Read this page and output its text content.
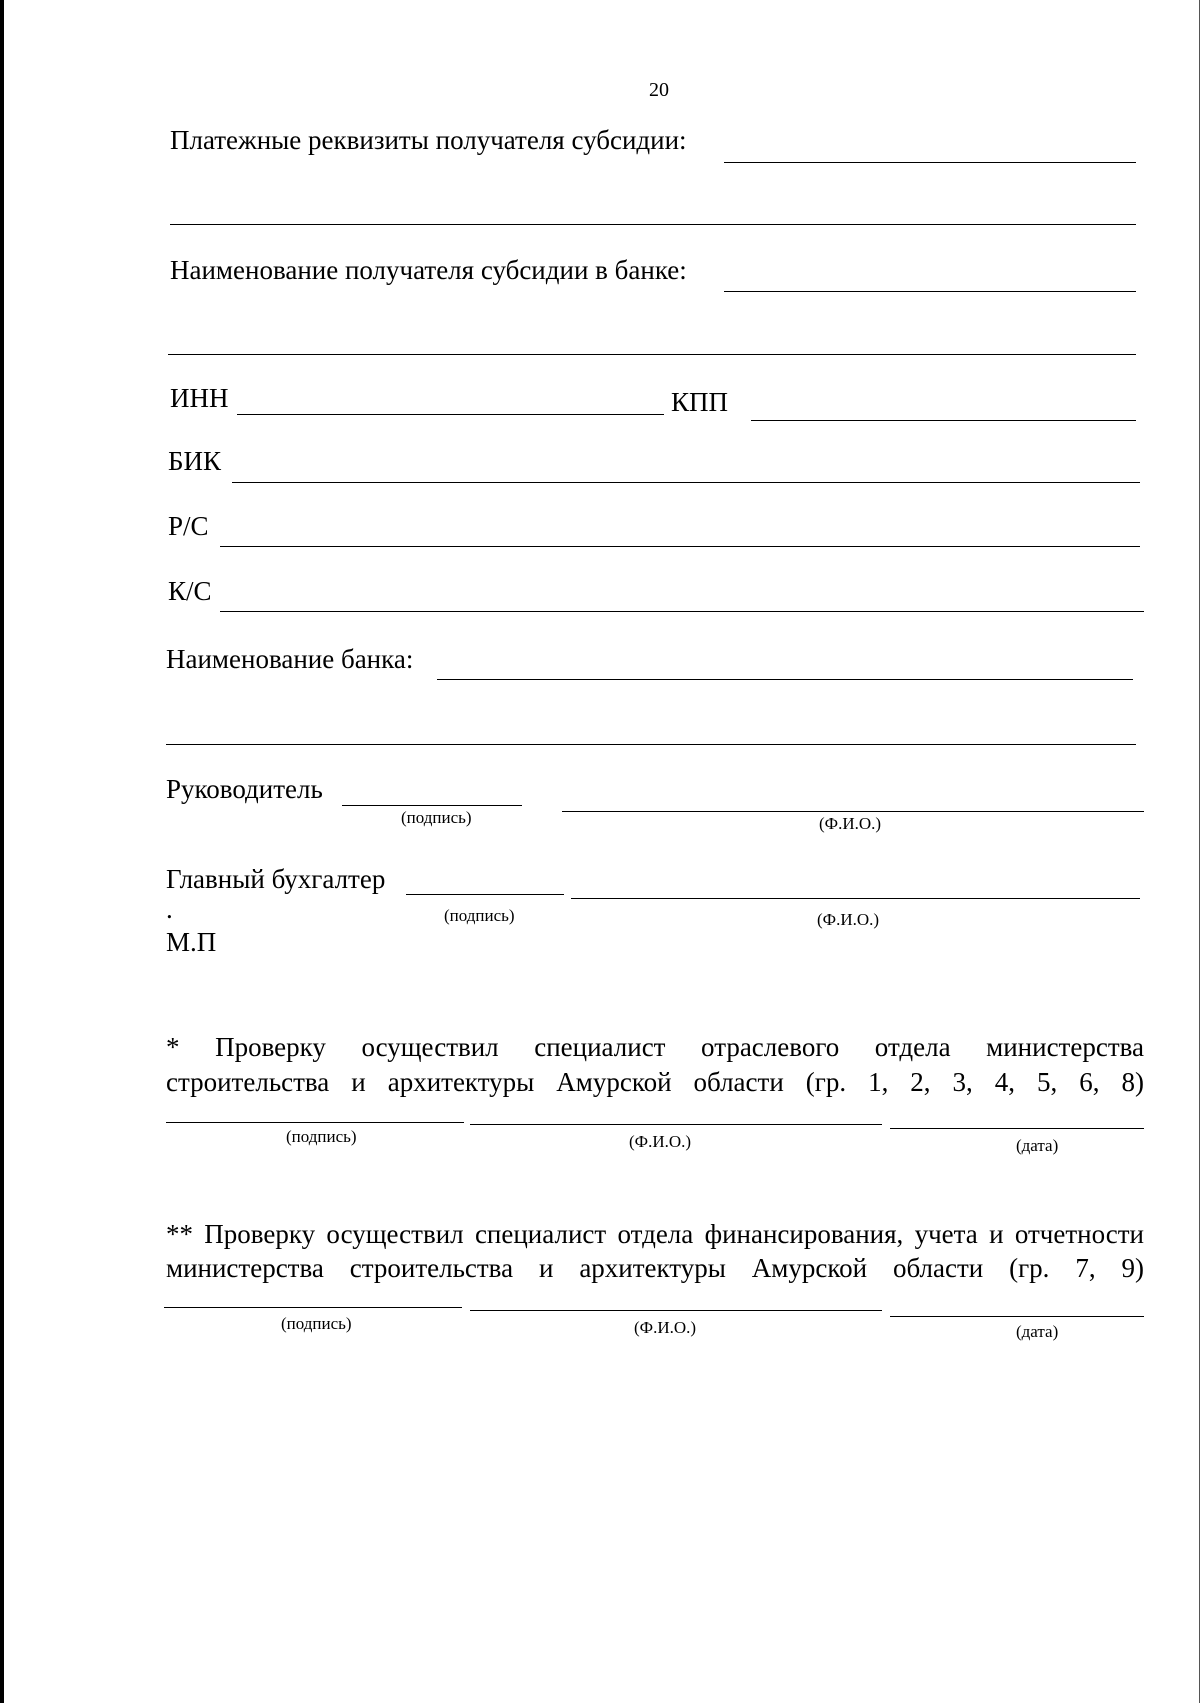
20
Платежные реквизиты получателя субсидии:
Наименование получателя субсидии в банке:
ИНН	КПП
БИК
Р/С
К/С
Наименование банка:
Руководитель
(подпись)	(Ф.И.О.)
Главный бухгалтер
.	(подпись)	(Ф.И.О.)
М.П
* Проверку осуществил специалист отраслевого отдела министерства
строительства и архитектуры Амурской области (гр. 1, 2, 3, 4, 5, 6, 8)
(подпись)	(Ф.И.О.)	(дата)
** Проверку осуществил специалист отдела финансирования, учета и отчетности
министерства строительства и архитектуры Амурской области (гр. 7, 9)
(подпись)	(Ф.И.О.)	(дата)
